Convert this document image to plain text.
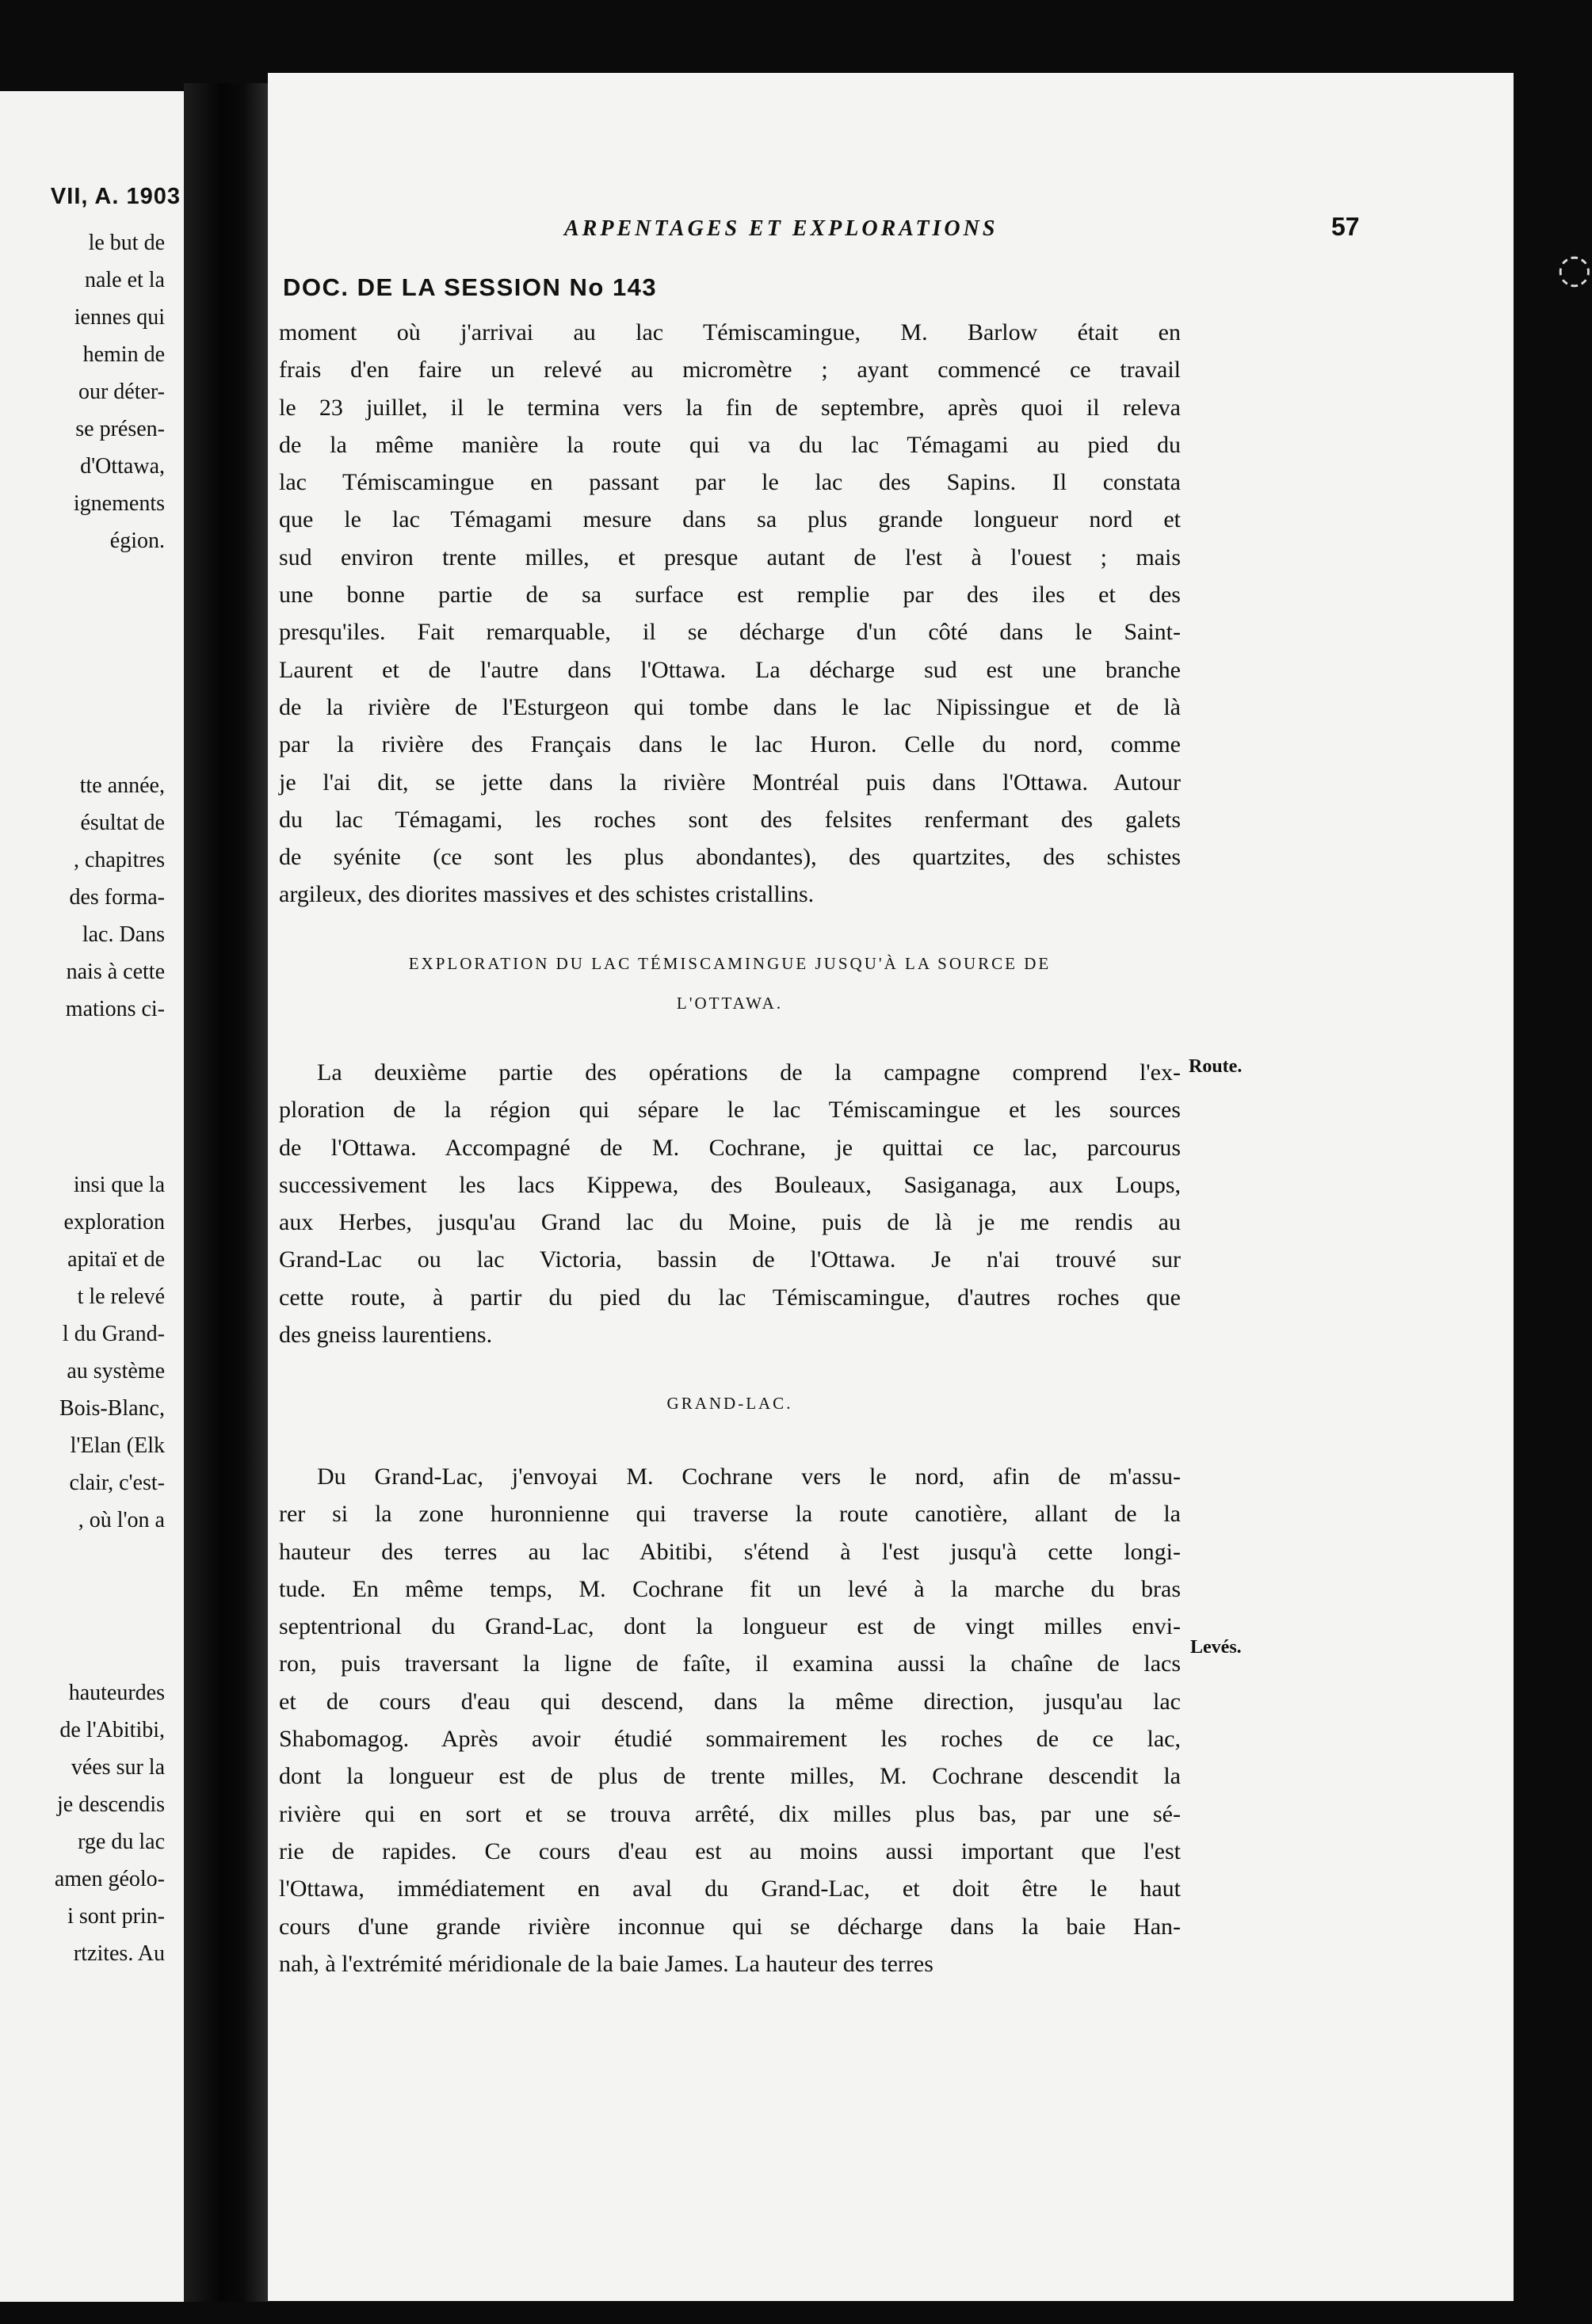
VII, A. 1903
le but de
nale et la
iennes qui
hemin de
our déter-
se présen-
d'Ottawa,
ignements
égion.
tte année,
ésultat de
, chapitres
des forma-
lac. Dans
nais à cette
mations ci-
insi que la
exploration
apitaï et de
t le relevé
l du Grand-
au système
Bois-Blanc,
l'Elan (Elk
clair, c'est-
, où l'on a
hauteurdes
de l'Abitibi,
vées sur la
je descendis
rge du lac
amen géolo-
i sont prin-
rtzites. Au
ARPENTAGES ET EXPLORATIONS	57
DOC. DE LA SESSION No 143
moment où j'arrivai au lac Témiscamingue, M. Barlow était en
frais d'en faire un relevé au micromètre ; ayant commencé ce travail
le 23 juillet, il le termina vers la fin de septembre, après quoi il releva
de la même manière la route qui va du lac Témagami au pied du
lac Témiscamingue en passant par le lac des Sapins. Il constata
que le lac Témagami mesure dans sa plus grande longueur nord et
sud environ trente milles, et presque autant de l'est à l'ouest ; mais
une bonne partie de sa surface est remplie par des iles et des
presqu'iles. Fait remarquable, il se décharge d'un côté dans le Saint-
Laurent et de l'autre dans l'Ottawa. La décharge sud est une branche
de la rivière de l'Esturgeon qui tombe dans le lac Nipissingue et de là
par la rivière des Français dans le lac Huron. Celle du nord, comme
je l'ai dit, se jette dans la rivière Montréal puis dans l'Ottawa. Autour
du lac Témagami, les roches sont des felsites renfermant des galets
de syénite (ce sont les plus abondantes), des quartzites, des schistes
argileux, des diorites massives et des schistes cristallins.
EXPLORATION DU LAC TÉMISCAMINGUE JUSQU'À LA SOURCE DE
L'OTTAWA.
La deuxième partie des opérations de la campagne comprend l'ex-
ploration de la région qui sépare le lac Témiscamingue et les sources
de l'Ottawa. Accompagné de M. Cochrane, je quittai ce lac, parcourus
successivement les lacs Kippewa, des Bouleaux, Sasiganaga, aux Loups,
aux Herbes, jusqu'au Grand lac du Moine, puis de là je me rendis au
Grand-Lac ou lac Victoria, bassin de l'Ottawa. Je n'ai trouvé sur
cette route, à partir du pied du lac Témiscamingue, d'autres roches que
des gneiss laurentiens.
Route.
GRAND-LAC.
Du Grand-Lac, j'envoyai M. Cochrane vers le nord, afin de m'assu-
rer si la zone huronnienne qui traverse la route canotière, allant de la
hauteur des terres au lac Abitibi, s'étend à l'est jusqu'à cette longi-
tude. En même temps, M. Cochrane fit un levé à la marche du bras
septentrional du Grand-Lac, dont la longueur est de vingt milles envi-
ron, puis traversant la ligne de faîte, il examina aussi la chaîne de lacs
et de cours d'eau qui descend, dans la même direction, jusqu'au lac
Shabomagog. Après avoir étudié sommairement les roches de ce lac,
dont la longueur est de plus de trente milles, M. Cochrane descendit la
rivière qui en sort et se trouva arrêté, dix milles plus bas, par une sé-
rie de rapides. Ce cours d'eau est au moins aussi important que l'est
l'Ottawa, immédiatement en aval du Grand-Lac, et doit être le haut
cours d'une grande rivière inconnue qui se décharge dans la baie Han-
nah, à l'extrémité méridionale de la baie James. La hauteur des terres
Levés.
◌
